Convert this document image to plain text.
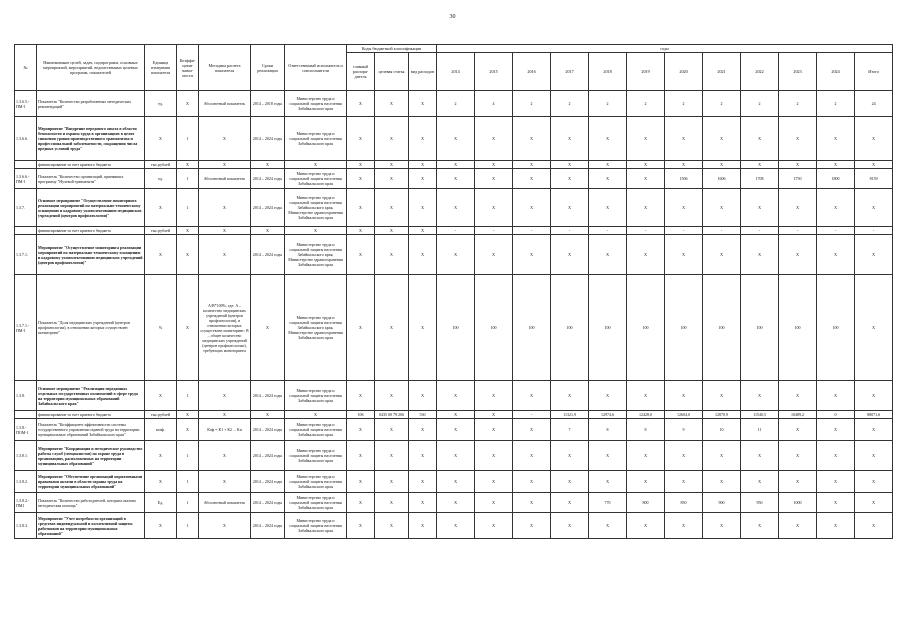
30
№	Наименование целей, задач, подпрограмм, основных мероприятий, мероприятий, ведомственных целевых программ, показателей	Единица измерения показателя	Коэффи-циент значи-мости	Методика расчета показателя	Сроки реализации	Ответственный исполнитель и соисполнители	Коды бюджетной классификации			годы											
							главный распоря-дитель	целевая статья	вид расходов	2014	2015	2016	2017	2018	2019	2020	2021	2022	2023	2024	Итого
1.3.6.5.-ПМ-1	Показатель "Количество разработанных методических рекомендаций"	ед.	X	Абсолютный показатель	2014 – 2018 годы	Министерство труда и социальной защиты населения Забайкальского края	X	X	X	2	4	2	2	2	2	2	2	2	2	2	24
1.3.6.6.	Мероприятие "Внедрение передового опыта в области безопасности и охраны труда в организациях в целях снижения уровня производственного травматизма и профессиональной заболеваемости, сокращения числа вредных условий труда"	X	1	X	2014 – 2024 годы	Министерство труда и социальной защиты населения Забайкальского края	X	X	X	X	X	X	X	X	X	X	X	X	X	X	X
	финансирование за счет краевого бюджета	тыс.рублей	X	X	X	X	X	X	X	X	X	X	X	X	X	X	X	X	X	X	X
1.3.6.6.-ПМ-1	Показатель "Количество организаций, принявших программу "Нулевой травматизм"	ед.	1	Абсолютный показатель	2014 – 2024 годы	Министерство труда и социальной защиты населения Забайкальского края	X	X	X	X	X	X	X	X	X	1506	1606	1708	1750	1800	8159
1.3.7.	Основное мероприятие "Осуществление мониторинга реализации мероприятий по материально-техническому оснащению и кадровому укомплектованию медицинских учреждений (центров профпатологии)"	X	1	X	2014 – 2024 годы	Министерство труда и социальной защиты населения Забайкальского края, Министерство здравоохранения Забайкальского края	X	X	X	X	X	X	X	X	X	X	X	X	X	X	X
	финансирование за счет краевого бюджета	тыс.рублей	X	X	X	X	X	X	X	-	-	-	-	-	-	-	-	-	-	-	-
1.3.7.1.	Мероприятие "Осуществление мониторинга реализации мероприятий по материально-техническому оснащению и кадровому укомплектованию медицинских учреждений (центров профпатологии)"	X	X	X	2014 – 2024 годы	Министерство труда и социальной защиты населения Забайкальского края, Министерство здравоохранения Забайкальского края	X	X	X	X	X	X	X	X	X	X	X	X	X	X	X
1.3.7.1.-ПМ-1	Показатель "Доля медицинских учреждений (центров профпатологии), в отношении которых осуществлен мониторинг"	%	X	A/B*100%, где: A – количество медицинских учреждений (центров профпатологии), в отношении которых осуществлен мониторинг; B – общее количество медицинских учреждений (центров профпатологии), требующих мониторинга	X	Министерство труда и социальной защиты населения Забайкальского края, Министерство здравоохранения Забайкальского края	X	X	X	100	100	100	100	100	100	100	100	100	100	100	X
1.3.8.	Основное мероприятие "Реализация переданных отдельных государственных полномочий в сфере труда на территории муниципальных образований Забайкальского края"	X	1	X	2014 – 2024 годы	Министерство труда и социальной защиты населения Забайкальского края	X	X	X	X	X	X	X	X	X	X	X	X	X	X	X
	финансирование за счет краевого бюджета	тыс.рублей	X	X	X	X	106	0435 00 79 206	530	X	X	-	11321,9	12974,6	12428,0	12604,0	12870,9	11540,5	10489,2	0	88071,6
1.3.8.-ПОМ-1	Показатель "Коэффициент эффективности системы государственного управления охраной труда на территории муниципальных образований Забайкальского края"	коэф.	X	Кэф = К1 + К2 ... Кn	2014 – 2024 годы	Министерство труда и социальной защиты населения Забайкальского края	X	X	X	X	X	X	7	8	8	9	10	11	X	X	X
1.3.8.1.	Мероприятие "Координация и методическое руководство работы служб (специалистов) по охране труда в организациях, расположенных на территории муниципальных образований"	X	1	X	2014 – 2024 годы	Министерство труда и социальной защиты населения Забайкальского края	X	X	X	X	X	X	X	X	X	X	X	X	X	X	X
1.3.8.2.	Мероприятие "Обеспечение организаций нормативными правовыми актами в области охраны труда на территории муниципальных образований"	X	1	X	2014 – 2024 годы	Министерство труда и социальной защиты населения Забайкальского края	X	X	X	X	X	X	X	X	X	X	X	X	X	X	X
1.3.8.2.-ПМ1	Показатель "Количество работодателей, которым оказана методическая помощь"	Ед.	1	Абсолютный показатель	2014 – 2024 годы	Министерство труда и социальной защиты населения Забайкальского края	X	X	X	X	X	X	X	770	800	850	900	950	1000	X	X
1.3.8.3.	Мероприятие "Учет потребности организаций в средствах индивидуальной и коллективной защиты работников на территории муниципальных образований"	X	1	X	2014 – 2024 годы	Министерство труда и социальной защиты населения Забайкальского края	X	X	X	X	X	X	X	X	X	X	X	X	X	X	X
